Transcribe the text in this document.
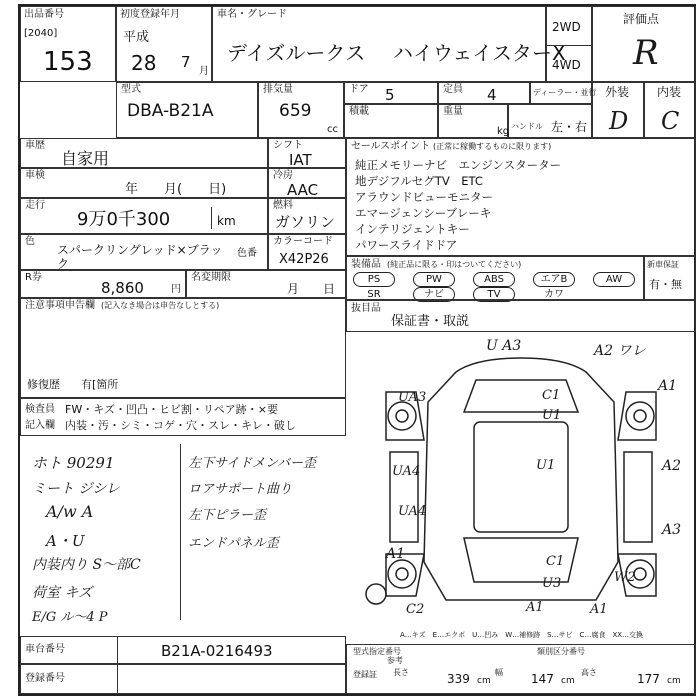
出品番号
[2040]
153
初度登録年月
平成
28 7
月
車名・グレード
デイズルークス ハイウェイスターX
2WD
4WD
評価点
R
型式
DBA-B21A
排気量
659
cc
ドア 5	定員 4	ディーラー・並行
積載	重量
kg ハンドル 左・右
外装
D
内装
C
車歴
自家用
車検
年　　月(　　日)
走行
9万0千300	km
色
スパークリングレッド×ブラック
色番
R券
8,860	円
名変期限
月　　日
注意事項申告欄 (記入なき場合は申告なしとする)
修復歴 有[箇所
シフト
IAT
冷房
AAC
燃料
ガソリン
カラーコード
X42P26
セールスポイント (正常に稼働するものに限ります)
純正メモリーナビ　エンジンスターター
地デジフルセグTV　ETC
アラウンドビューモニター
エマージェンシーブレーキ
インテリジェントキー
パワースライドドア
装備品 (純正品に限る・印はついてください)
PS	PW	ABS	エアB	AW
SR	ナビ	TV	カワ
新車保証
有・無
抜目品
保証書・取説
検査員
記入欄
FW・キズ・凹凸・ヒビ割・リペア跡・×要
内装・汚・シミ・コゲ・穴・スレ・キレ・破し
ホト 90291
ミート ジシレ
A/w A
A・U
内装内り S～部C
荷室 キズ
E/G ル～4 P
左下サイドメンバー歪
ロアサポート曲り
左下ピラー歪
エンドパネル歪
U A3	A2 ワレ
A1
UA3	C1
U1
UA4	U1
UA4
A2
A3
A1	C1
U3
C2	A1
W2
A1
A…キズ　E…エクボ　U…凹み　W…補修跡　S…サビ　C…腐食　XX…交換
車台番号	B21A-0216493
登録番号
型式指定番号	類別区分番号
参考
登録証 長さ	339 cm
幅 147 cm
高さ	177 cm
